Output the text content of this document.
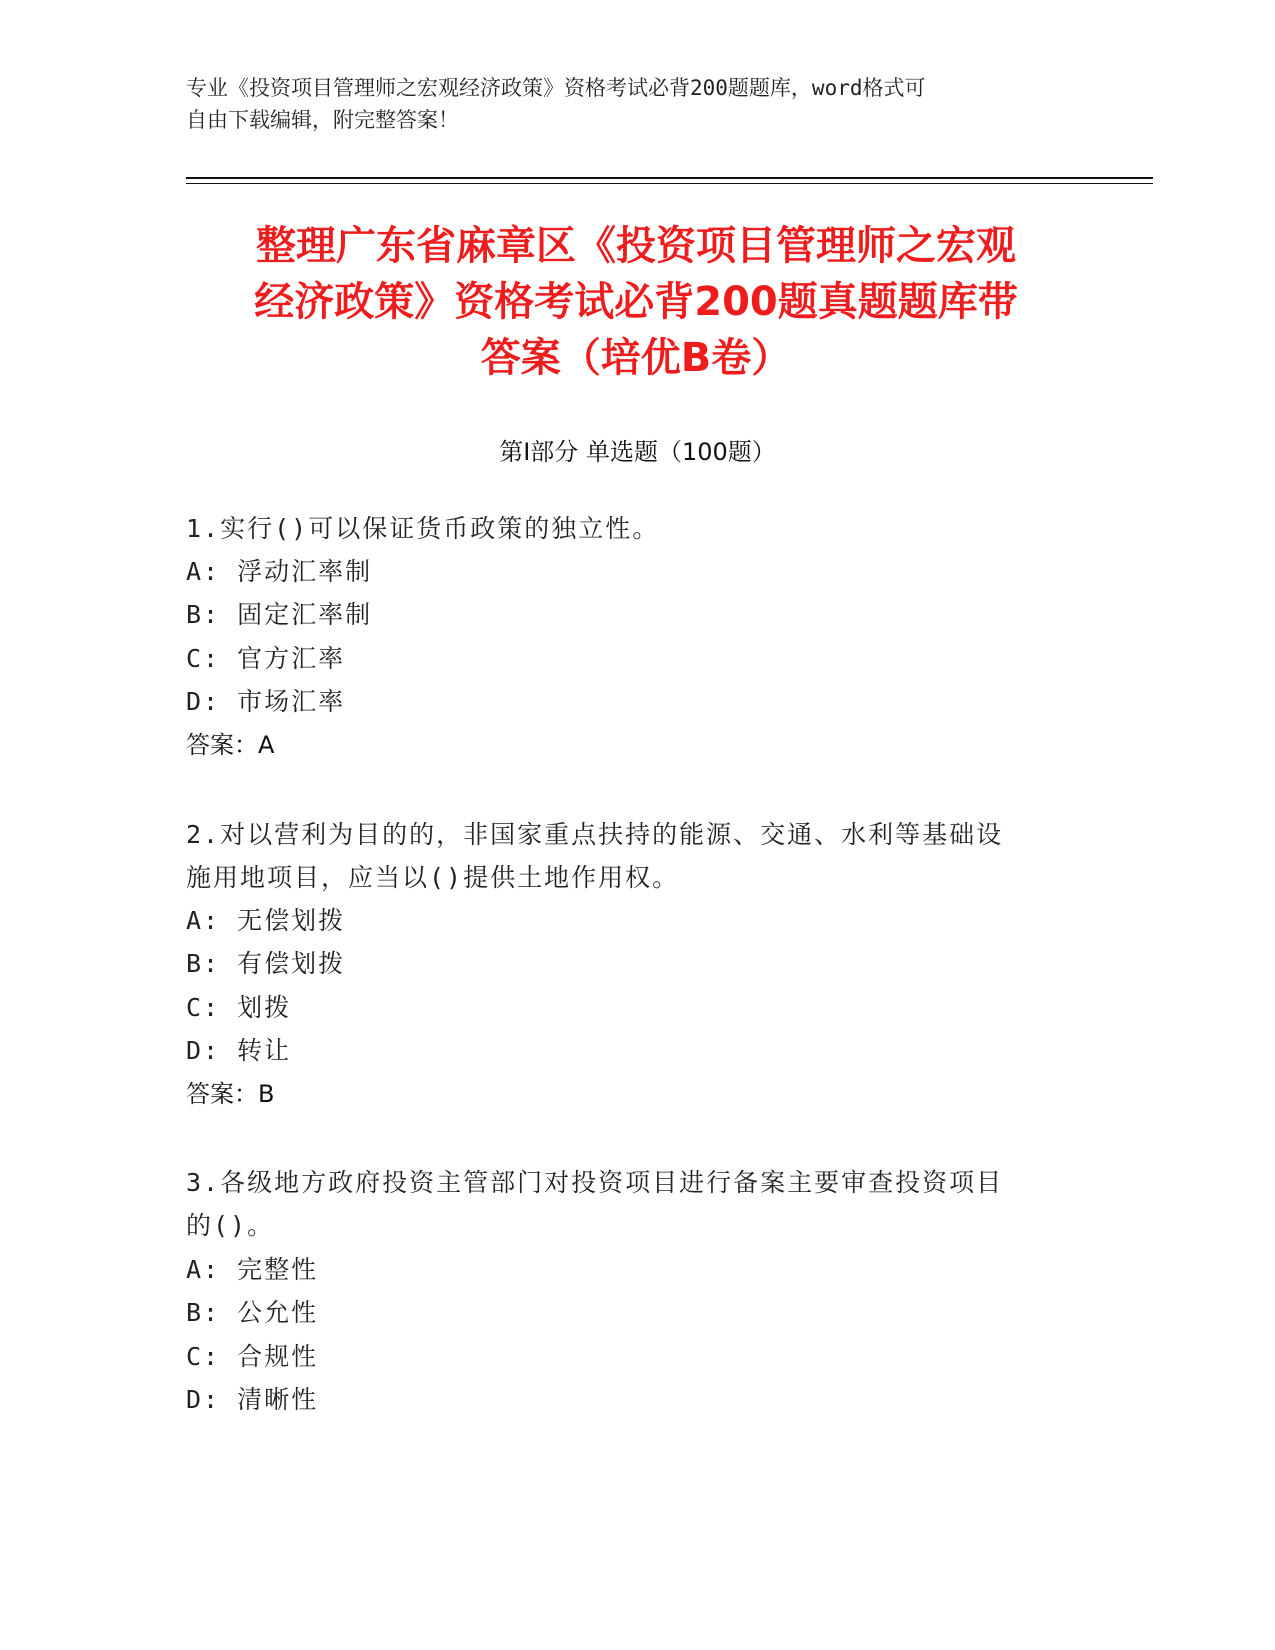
专业《投资项目管理师之宏观经济政策》资格考试必背200题题库，word格式可
自由下载编辑，附完整答案！
整理广东省麻章区《投资项目管理师之宏观
经济政策》资格考试必背200题真题题库带
答案（培优B卷）
第I部分 单选题（100题）
1.实行()可以保证货币政策的独立性。
A: 浮动汇率制
B: 固定汇率制
C: 官方汇率
D: 市场汇率
答案：A
2.对以营利为目的的，非国家重点扶持的能源、交通、水利等基础设
施用地项目，应当以()提供土地作用权。
A: 无偿划拨
B: 有偿划拨
C: 划拨
D: 转让
答案：B
3.各级地方政府投资主管部门对投资项目进行备案主要审查投资项目
的()。
A: 完整性
B: 公允性
C: 合规性
D: 清晰性
